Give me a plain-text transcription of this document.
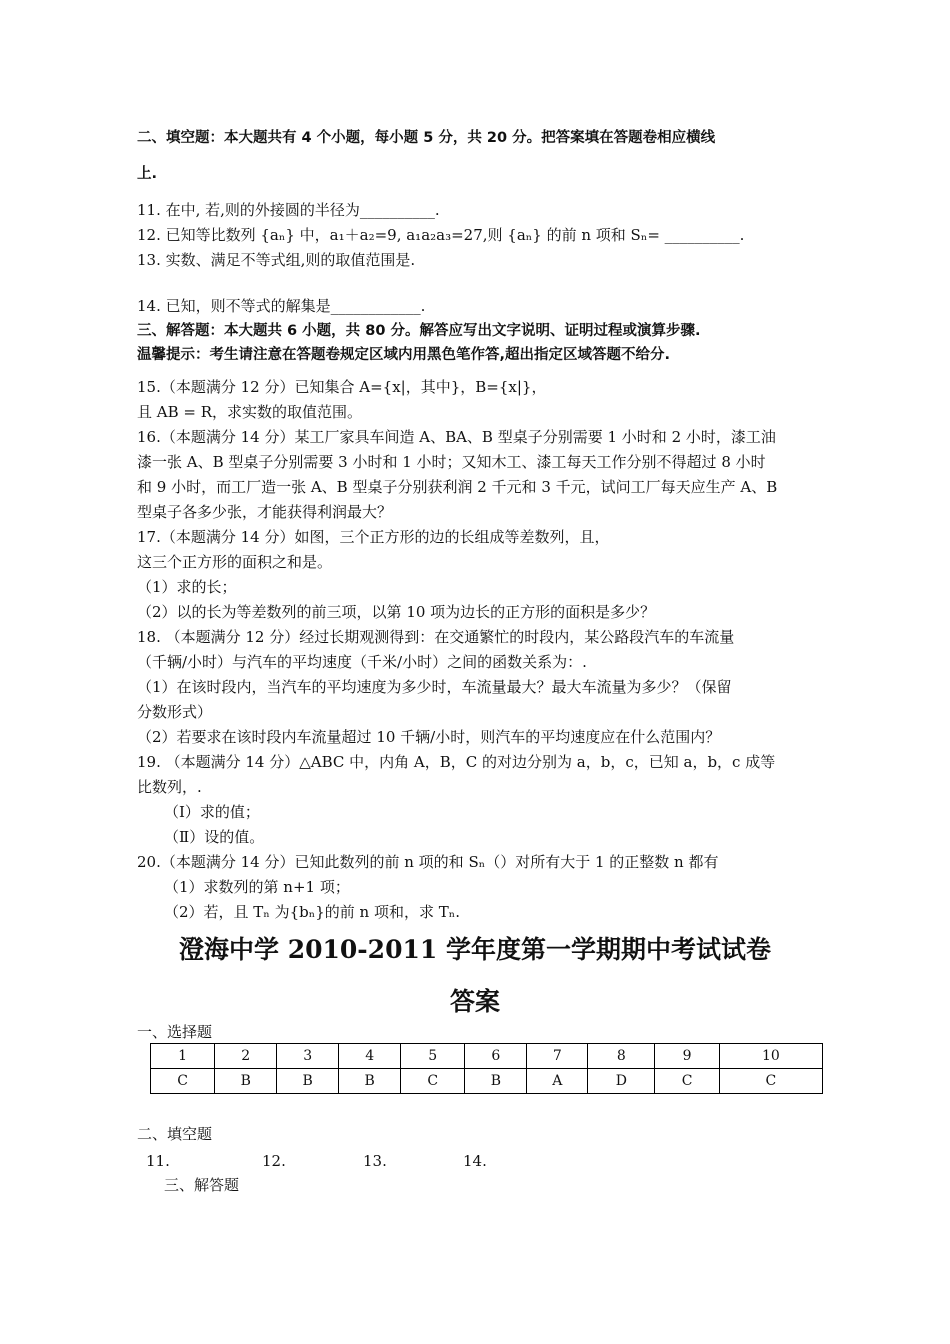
二、填空题：本大题共有 4 个小题，每小题 5 分，共 20 分。把答案填在答题卷相应横线
上.
11. 在中, 若,则的外接圆的半径为__________.
12. 已知等比数列 {aₙ} 中，a₁＋a₂=9, a₁a₂a₃=27,则 {aₙ} 的前 n 项和 Sₙ= __________.
13. 实数、满足不等式组,则的取值范围是.
14. 已知，则不等式的解集是____________.
三、解答题：本大题共 6 小题，共 80 分。解答应写出文字说明、证明过程或演算步骤.
温馨提示：考生请注意在答题卷规定区域内用黑色笔作答,超出指定区域答题不给分.
15.（本题满分 12 分）已知集合 A={x|，其中}，B={x|}，
且 AB = R，求实数的取值范围。
16.（本题满分 14 分）某工厂家具车间造 A、BA、B 型桌子分别需要 1 小时和 2 小时，漆工油
漆一张 A、B 型桌子分别需要 3 小时和 1 小时；又知木工、漆工每天工作分别不得超过 8 小时
和 9 小时，而工厂造一张 A、B 型桌子分别获利润 2 千元和 3 千元，试问工厂每天应生产 A、B
型桌子各多少张，才能获得利润最大？
17.（本题满分 14 分）如图，三个正方形的边的长组成等差数列，且，
这三个正方形的面积之和是。
（1）求的长；
（2）以的长为等差数列的前三项，以第 10 项为边长的正方形的面积是多少？
18. （本题满分 12 分）经过长期观测得到：在交通繁忙的时段内，某公路段汽车的车流量
（千辆/小时）与汽车的平均速度（千米/小时）之间的函数关系为：.
（1）在该时段内，当汽车的平均速度为多少时，车流量最大？最大车流量为多少？（保留
分数形式）
（2）若要求在该时段内车流量超过 10 千辆/小时，则汽车的平均速度应在什么范围内？
19. （本题满分 14 分）△ABC 中，内角 A，B，C 的对边分别为 a，b，c，已知 a，b，c 成等
比数列，.
（Ⅰ）求的值；
（Ⅱ）设的值。
20.（本题满分 14 分）已知此数列的前 n 项的和 Sₙ（）对所有大于 1 的正整数 n 都有
（1）求数列的第 n+1 项；
（2）若，且 Tₙ 为{bₙ}的前 n 项和，求 Tₙ.
澄海中学 2010-2011 学年度第一学期期中考试试卷
答案
一、选择题
1	2	3	4	5	6	7	8	9	10
C	B	B	B	C	B	A	D	C	C
二、填空题
11.	12.	13.	14.
三、解答题
